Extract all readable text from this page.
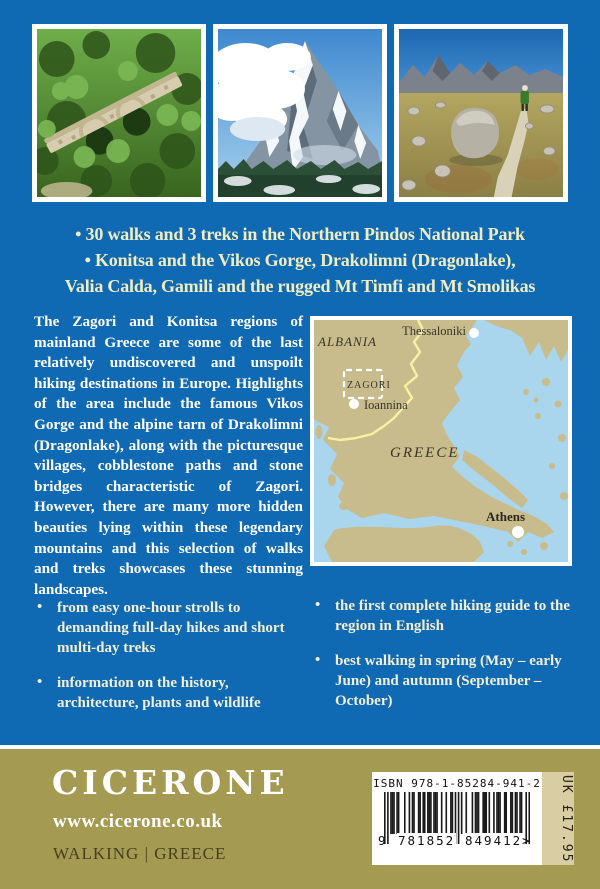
• 30 walks and 3 treks in the Northern Pindos National Park
• Konitsa and the Vikos Gorge, Drakolimni (Dragonlake),
Valia Calda, Gamili and the rugged Mt Timfi and Mt Smolikas

The Zagori and Konitsa regions of mainland Greece are some of the last relatively undiscovered and unspoilt hiking destinations in Europe. Highlights of the area include the famous Vikos Gorge and the alpine tarn of Drakolimni (Dragonlake), along with the picturesque villages, cobblestone paths and stone bridges characteristic of Zagori. However, there are many more hidden beauties lying within these legendary mountains and this selection of walks and treks showcases these stunning landscapes.

ALBANIA
Thessaloniki
ZAGORI
Ioannina
GREECE
Athens
• from easy one-hour strolls to demanding full-day hikes and short multi-day treks
• information on the history, architecture, plants and wildlife
• the first complete hiking guide to the region in English
• best walking in spring (May – early June) and autumn (September – October)
CICERONE
www.cicerone.co.uk
WALKING | GREECE
ISBN 978-1-85284-941-2
9 781852 849412 >	UK £17.95
